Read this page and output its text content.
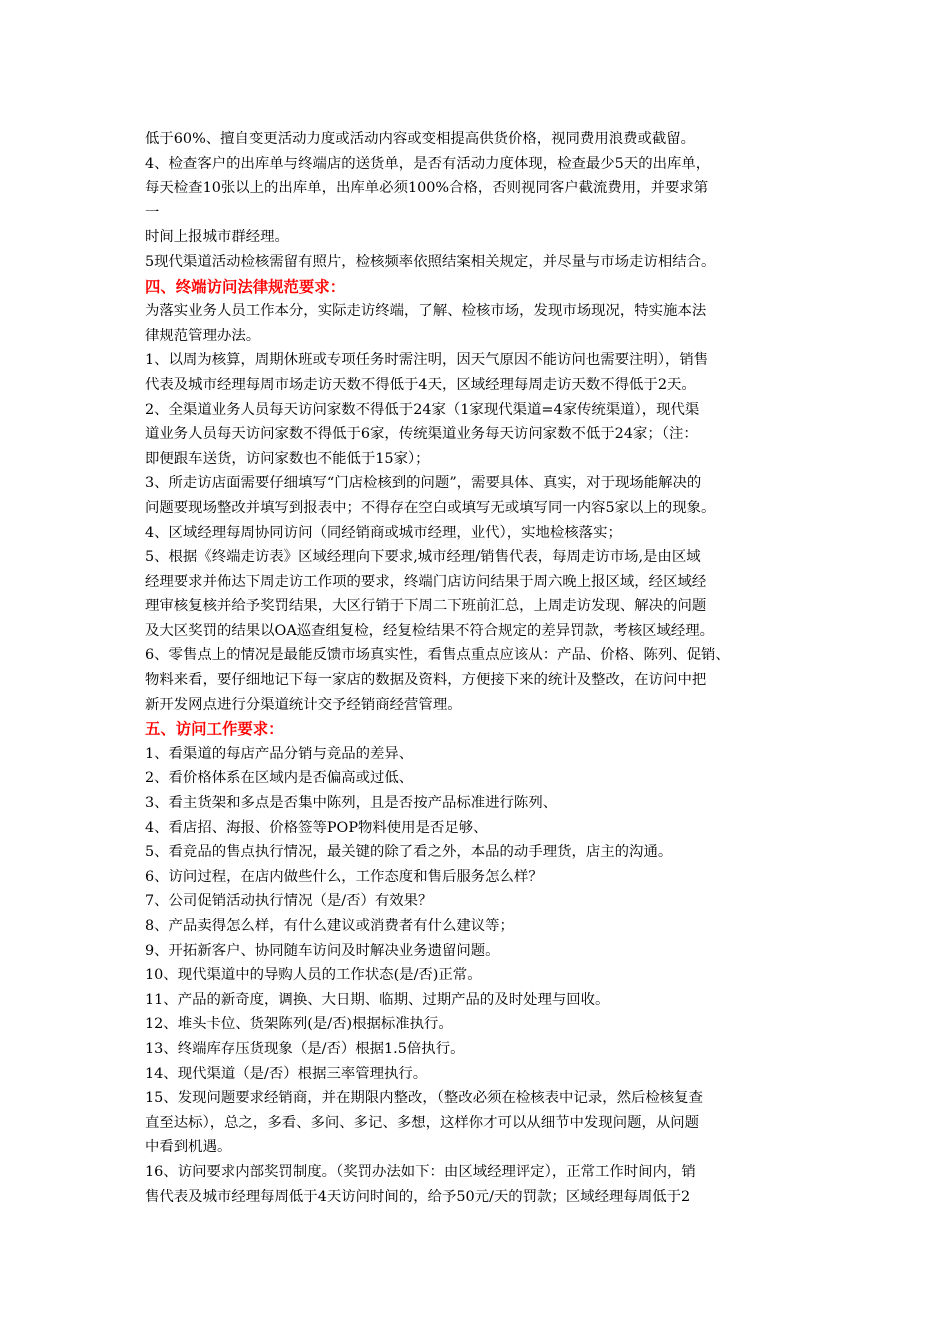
低于60%、擅自变更活动力度或活动内容或变相提高供货价格，视同费用浪费或截留。
4、检查客户的出库单与终端店的送货单，是否有活动力度体现，检查最少5天的出库单，
每天检查10张以上的出库单，出库单必须100%合格，否则视同客户截流费用，并要求第
一
时间上报城市群经理。
5现代渠道活动检核需留有照片，检核频率依照结案相关规定，并尽量与市场走访相结合。
四、终端访问法律规范要求：
为落实业务人员工作本分，实际走访终端，了解、检核市场，发现市场现况，特实施本法
律规范管理办法。
1、以周为核算，周期休班或专项任务时需注明，因天气原因不能访问也需要注明），销售
代表及城市经理每周市场走访天数不得低于4天，区域经理每周走访天数不得低于2天。
2、全渠道业务人员每天访问家数不得低于24家（1家现代渠道=4家传统渠道），现代渠
道业务人员每天访问家数不得低于6家，传统渠道业务每天访问家数不低于24家；（注：
即便跟车送货，访问家数也不能低于15家）；
3、所走访店面需要仔细填写“门店检核到的问题”，需要具体、真实，对于现场能解决的
问题要现场整改并填写到报表中；不得存在空白或填写无或填写同一内容5家以上的现象。
4、区域经理每周协同访问（同经销商或城市经理，业代），实地检核落实；
5、根据《终端走访表》区域经理向下要求,城市经理/销售代表，每周走访市场,是由区域
经理要求并佈达下周走访工作项的要求，终端门店访问结果于周六晚上报区域，经区域经
理审核复核并给予奖罚结果，大区行销于下周二下班前汇总，上周走访发现、解决的问题
及大区奖罚的结果以OA巡查组复检，经复检结果不符合规定的差异罚款，考核区域经理。
6、零售点上的情况是最能反馈市场真实性，看售点重点应该从：产品、价格、陈列、促销、
物料来看，要仔细地记下每一家店的数据及资料，方便接下来的统计及整改，在访问中把
新开发网点进行分渠道统计交予经销商经营管理。
五、访问工作要求：
1、看渠道的每店产品分销与竞品的差异、
2、看价格体系在区域内是否偏高或过低、
3、看主货架和多点是否集中陈列，且是否按产品标准进行陈列、
4、看店招、海报、价格签等POP物料使用是否足够、
5、看竞品的售点执行情况，最关键的除了看之外，本品的动手理货，店主的沟通。
6、访问过程，在店内做些什么，工作态度和售后服务怎么样？
7、公司促销活动执行情况（是/否）有效果？
8、产品卖得怎么样，有什么建议或消费者有什么建议等；
9、开拓新客户、协同随车访问及时解决业务遗留问题。
10、现代渠道中的导购人员的工作状态(是/否)正常。
11、产品的新奇度，调换、大日期、临期、过期产品的及时处理与回收。
12、堆头卡位、货架陈列(是/否)根据标准执行。
13、终端库存压货现象（是/否）根据1.5倍执行。
14、现代渠道（是/否）根据三率管理执行。
15、发现问题要求经销商，并在期限内整改，（整改必须在检核表中记录，然后检核复查
直至达标），总之，多看、多问、多记、多想，这样你才可以从细节中发现问题，从问题
中看到机遇。
16、访问要求内部奖罚制度。（奖罚办法如下：由区域经理评定），正常工作时间内，销
售代表及城市经理每周低于4天访问时间的，给予50元/天的罚款；区域经理每周低于2
